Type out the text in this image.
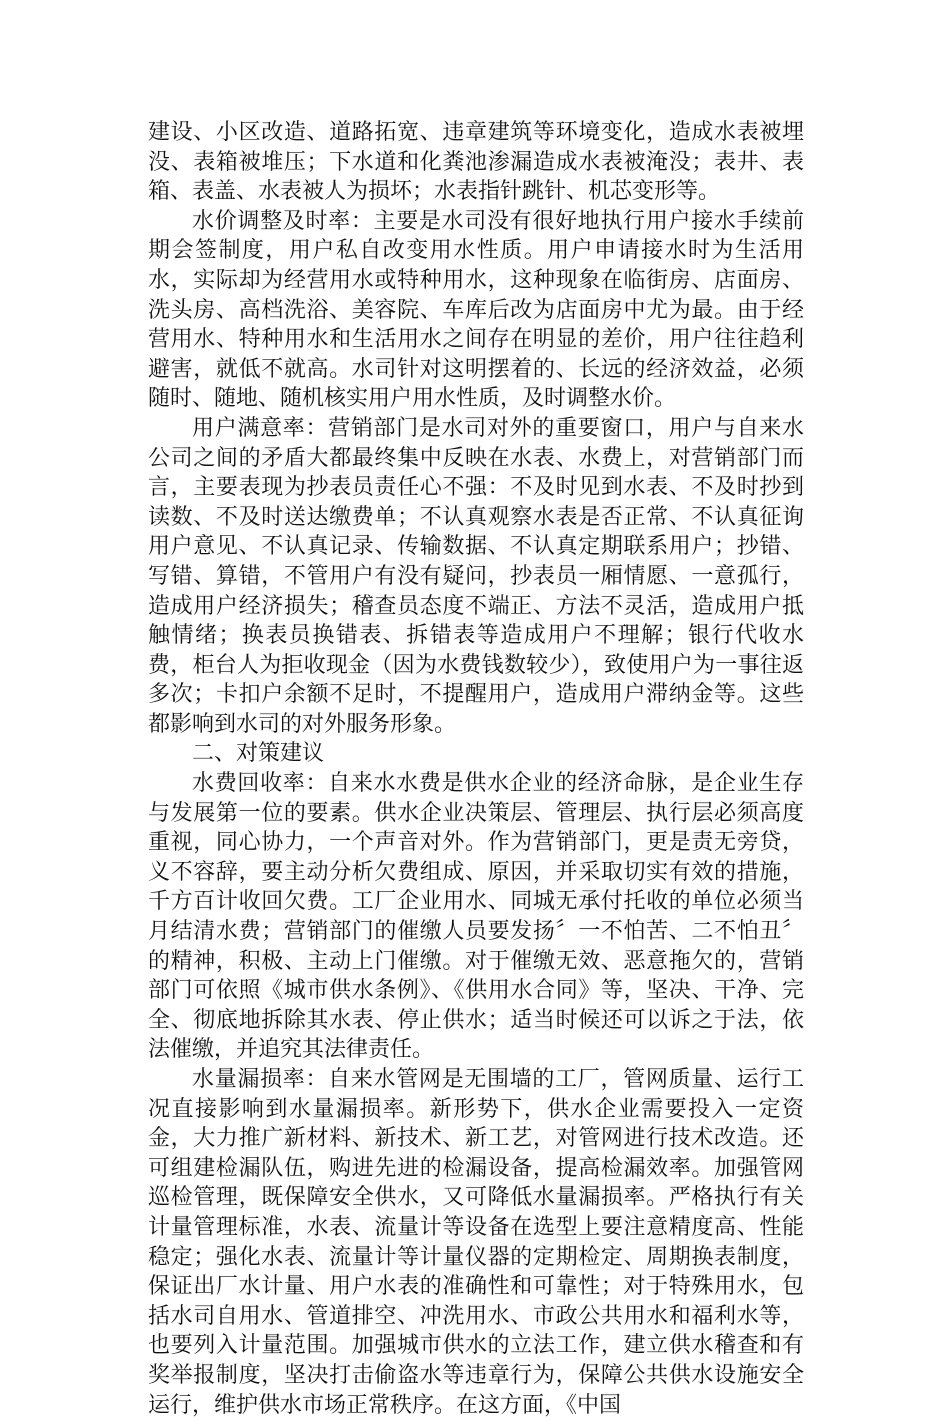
建设、小区改造、道路拓宽、违章建筑等环境变化，造成水表被埋没、表箱被堆压；下水道和化粪池渗漏造成水表被淹没；表井、表箱、表盖、水表被人为损坏；水表指针跳针、机芯变形等。

水价调整及时率：主要是水司没有很好地执行用户接水手续前期会签制度，用户私自改变用水性质。用户申请接水时为生活用水，实际却为经营用水或特种用水，这种现象在临街房、店面房、洗头房、高档洗浴、美容院、车库后改为店面房中尤为最。由于经营用水、特种用水和生活用水之间存在明显的差价，用户往往趋利避害，就低不就高。水司针对这明摆着的、长远的经济效益，必须随时、随地、随机核实用户用水性质，及时调整水价。

用户满意率：营销部门是水司对外的重要窗口，用户与自来水公司之间的矛盾大都最终集中反映在水表、水费上，对营销部门而言，主要表现为抄表员责任心不强：不及时见到水表、不及时抄到读数、不及时送达缴费单；不认真观察水表是否正常、不认真征询用户意见、不认真记录、传输数据、不认真定期联系用户；抄错、写错、算错，不管用户有没有疑问，抄表员一厢情愿、一意孤行，造成用户经济损失；稽查员态度不端正、方法不灵活，造成用户抵触情绪；换表员换错表、拆错表等造成用户不理解；银行代收水费，柜台人为拒收现金（因为水费钱数较少），致使用户为一事往返多次；卡扣户余额不足时，不提醒用户，造成用户滞纳金等。这些都影响到水司的对外服务形象。

二、对策建议

水费回收率：自来水水费是供水企业的经济命脉，是企业生存与发展第一位的要素。供水企业决策层、管理层、执行层必须高度重视，同心协力，一个声音对外。作为营销部门，更是责无旁贷，义不容辞，要主动分析欠费组成、原因，并采取切实有效的措施，千方百计收回欠费。工厂企业用水、同城无承付托收的单位必须当月结清水费；营销部门的催缴人员要发扬〞一不怕苦、二不怕丑〞的精神，积极、主动上门催缴。对于催缴无效、恶意拖欠的，营销部门可依照《城市供水条例》、《供用水合同》等，坚决、干净、完全、彻底地拆除其水表、停止供水；适当时候还可以诉之于法，依法催缴，并追究其法律责任。

水量漏损率：自来水管网是无围墙的工厂，管网质量、运行工况直接影响到水量漏损率。新形势下，供水企业需要投入一定资金，大力推广新材料、新技术、新工艺，对管网进行技术改造。还可组建检漏队伍，购进先进的检漏设备，提高检漏效率。加强管网巡检管理，既保障安全供水，又可降低水量漏损率。严格执行有关计量管理标准，水表、流量计等设备在选型上要注意精度高、性能稳定；强化水表、流量计等计量仪器的定期检定、周期换表制度，保证出厂水计量、用户水表的准确性和可靠性；对于特殊用水，包括水司自用水、管道排空、冲洗用水、市政公共用水和福利水等，也要列入计量范围。加强城市供水的立法工作，建立供水稽查和有奖举报制度，坚决打击偷盗水等违章行为，保障公共供水设施安全运行，维护供水市场正常秩序。在这方面，《中国
